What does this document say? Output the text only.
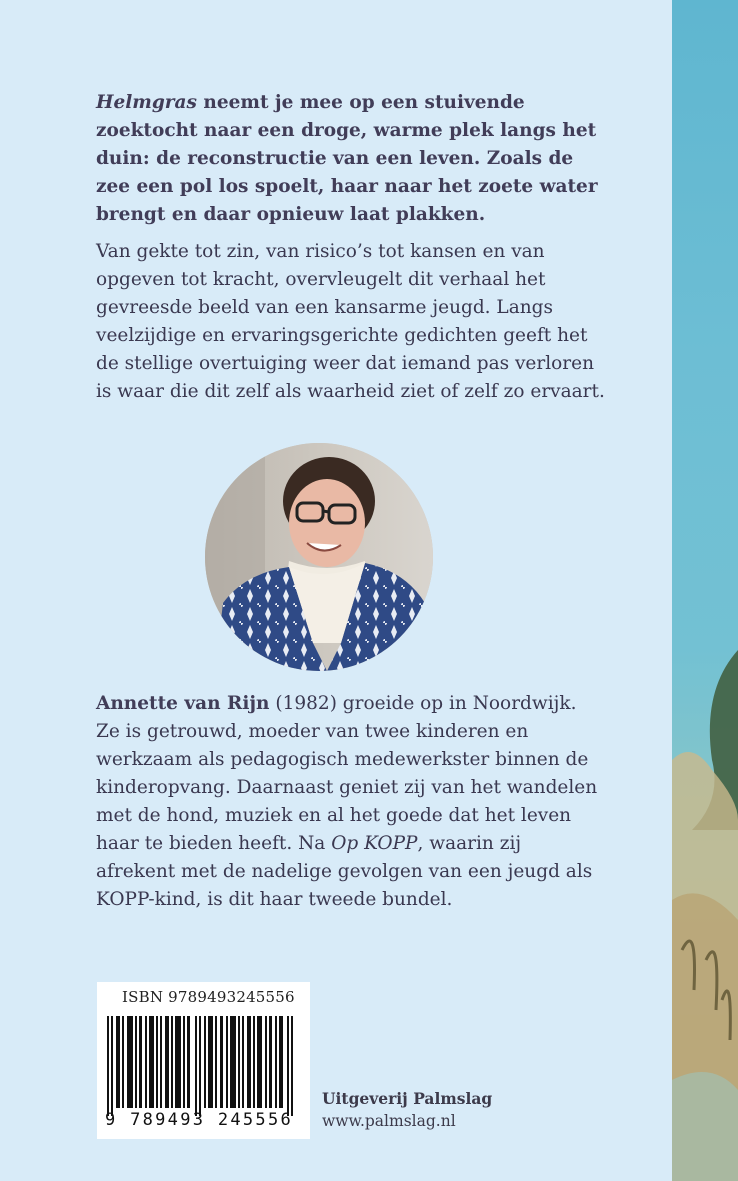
Helmgras neemt je mee op een stuivende zoektocht naar een droge, warme plek langs het duin: de reconstructie van een leven. Zoals de zee een pol los spoelt, haar naar het zoete water brengt en daar opnieuw laat plakken.

Van gekte tot zin, van risico’s tot kansen en van opgeven tot kracht, overvleugelt dit verhaal het gevreesde beeld van een kansarme jeugd. Langs veelzijdige en ervaringsgerichte gedichten geeft het de stellige overtuiging weer dat iemand pas verloren is waar die dit zelf als waarheid ziet of zelf zo ervaart.

Annette van Rijn (1982) groeide op in Noordwijk. Ze is getrouwd, moeder van twee kinderen en werkzaam als pedagogisch medewerkster binnen de kinderopvang. Daarnaast geniet zij van het wandelen met de hond, muziek en al het goede dat het leven haar te bieden heeft. Na Op KOPP, waarin zij afrekent met de nadelige gevolgen van een jeugd als KOPP-kind, is dit haar tweede bundel.

ISBN 9789493245556
9 789493 245556
Uitgeverij Palmslag
www.palmslag.nl
